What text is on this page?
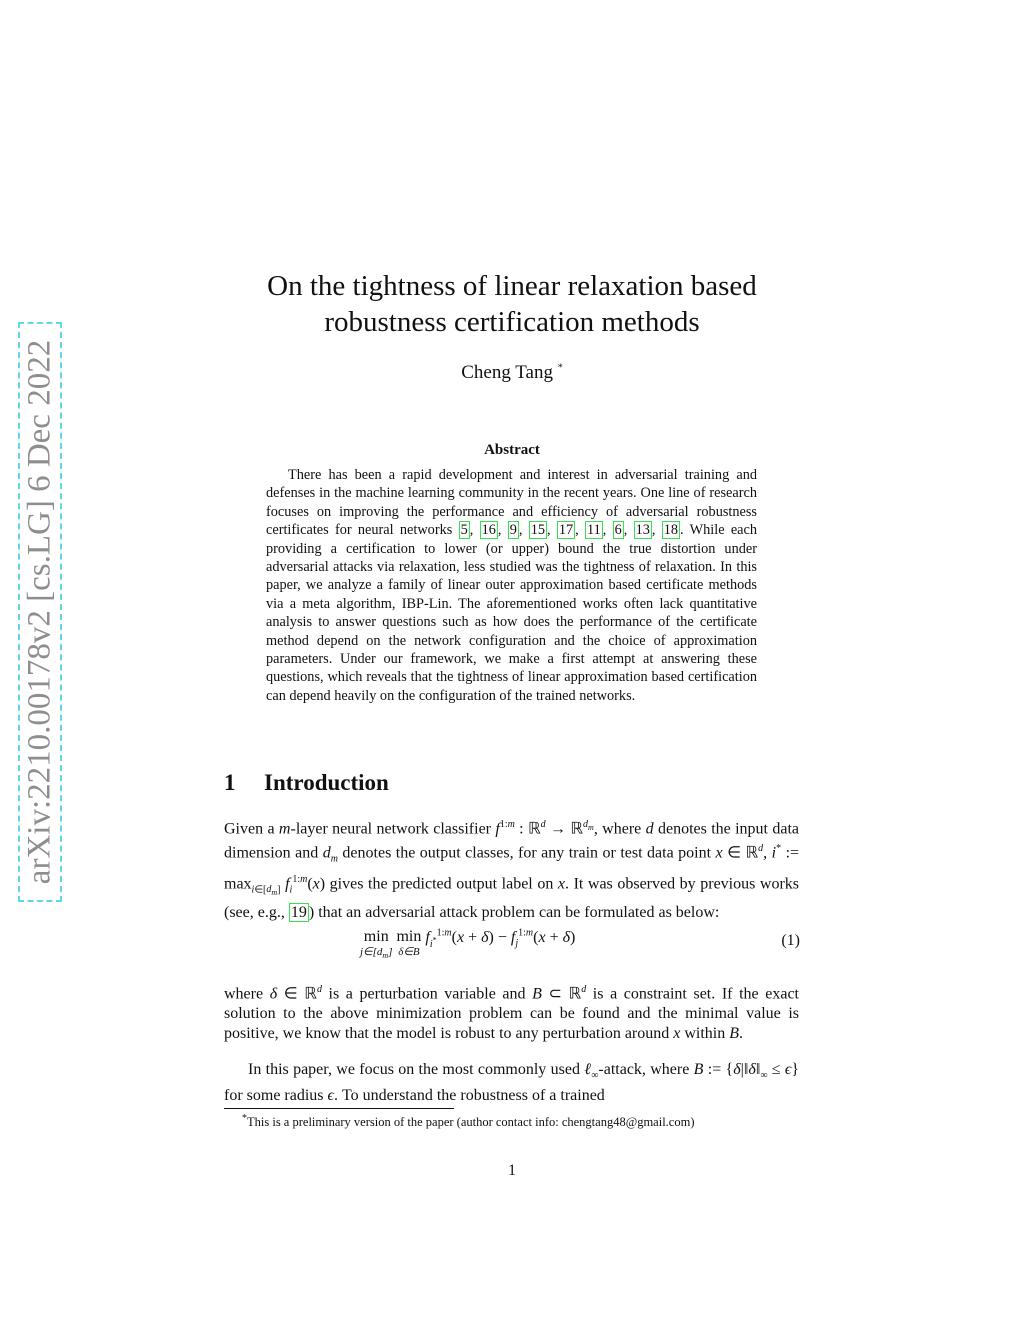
arXiv:2210.00178v2 [cs.LG] 6 Dec 2022
On the tightness of linear relaxation based
robustness certification methods
Cheng Tang *
Abstract
There has been a rapid development and interest in adversarial training and defenses in the machine learning community in the recent years. One line of research focuses on improving the performance and efficiency of adversarial robustness certificates for neural networks 5 , 16 , 9 , 15 , 17 , 11 , 6 , 13 , 18 . While each providing a certification to lower (or upper) bound the true distortion under adversarial attacks via relaxation, less studied was the tightness of relaxation. In this paper, we analyze a family of linear outer approximation based certificate methods via a meta algorithm, IBP-Lin. The aforementioned works often lack quantitative analysis to answer questions such as how does the performance of the certificate method depend on the network configuration and the choice of approximation parameters. Under our framework, we make a first attempt at answering these questions, which reveals that the tightness of linear approximation based certification can depend heavily on the configuration of the trained networks.
1 Introduction
Given a m-layer neural network classifier $f^{1:m}$ : ℝ$^d$ → ℝ$^{d_m}$, where d denotes the input data dimension and $d_m$ denotes the output classes, for any train or test data point x ∈ ℝ$^d$, i* := $\max_{i\in[d_m]} f_i^{1:m}(x)$ gives the predicted output label on x. It was observed by previous works (see, e.g., 19 ) that an adversarial attack problem can be formulated as below:
min
$j\in[d_m]$
min
δ∈B
$f_{i^*}^{1:m}(x + \delta) - f_j^{1:m}(x + \delta)$	(1)
where δ ∈ ℝ$^d$ is a perturbation variable and B ⊂ ℝ$^d$ is a constraint set. If the exact solution to the above minimization problem can be found and the minimal value is positive, we know that the model is robust to any perturbation around x within B.
In this paper, we focus on the most commonly used ℓ$_\infty$-attack, where B := $\{\delta|‖\delta‖_\infty \le \epsilon\}$ for some radius ϵ. To understand the robustness of a trained
*This is a preliminary version of the paper (author contact info: chengtang48@gmail.com)
1
